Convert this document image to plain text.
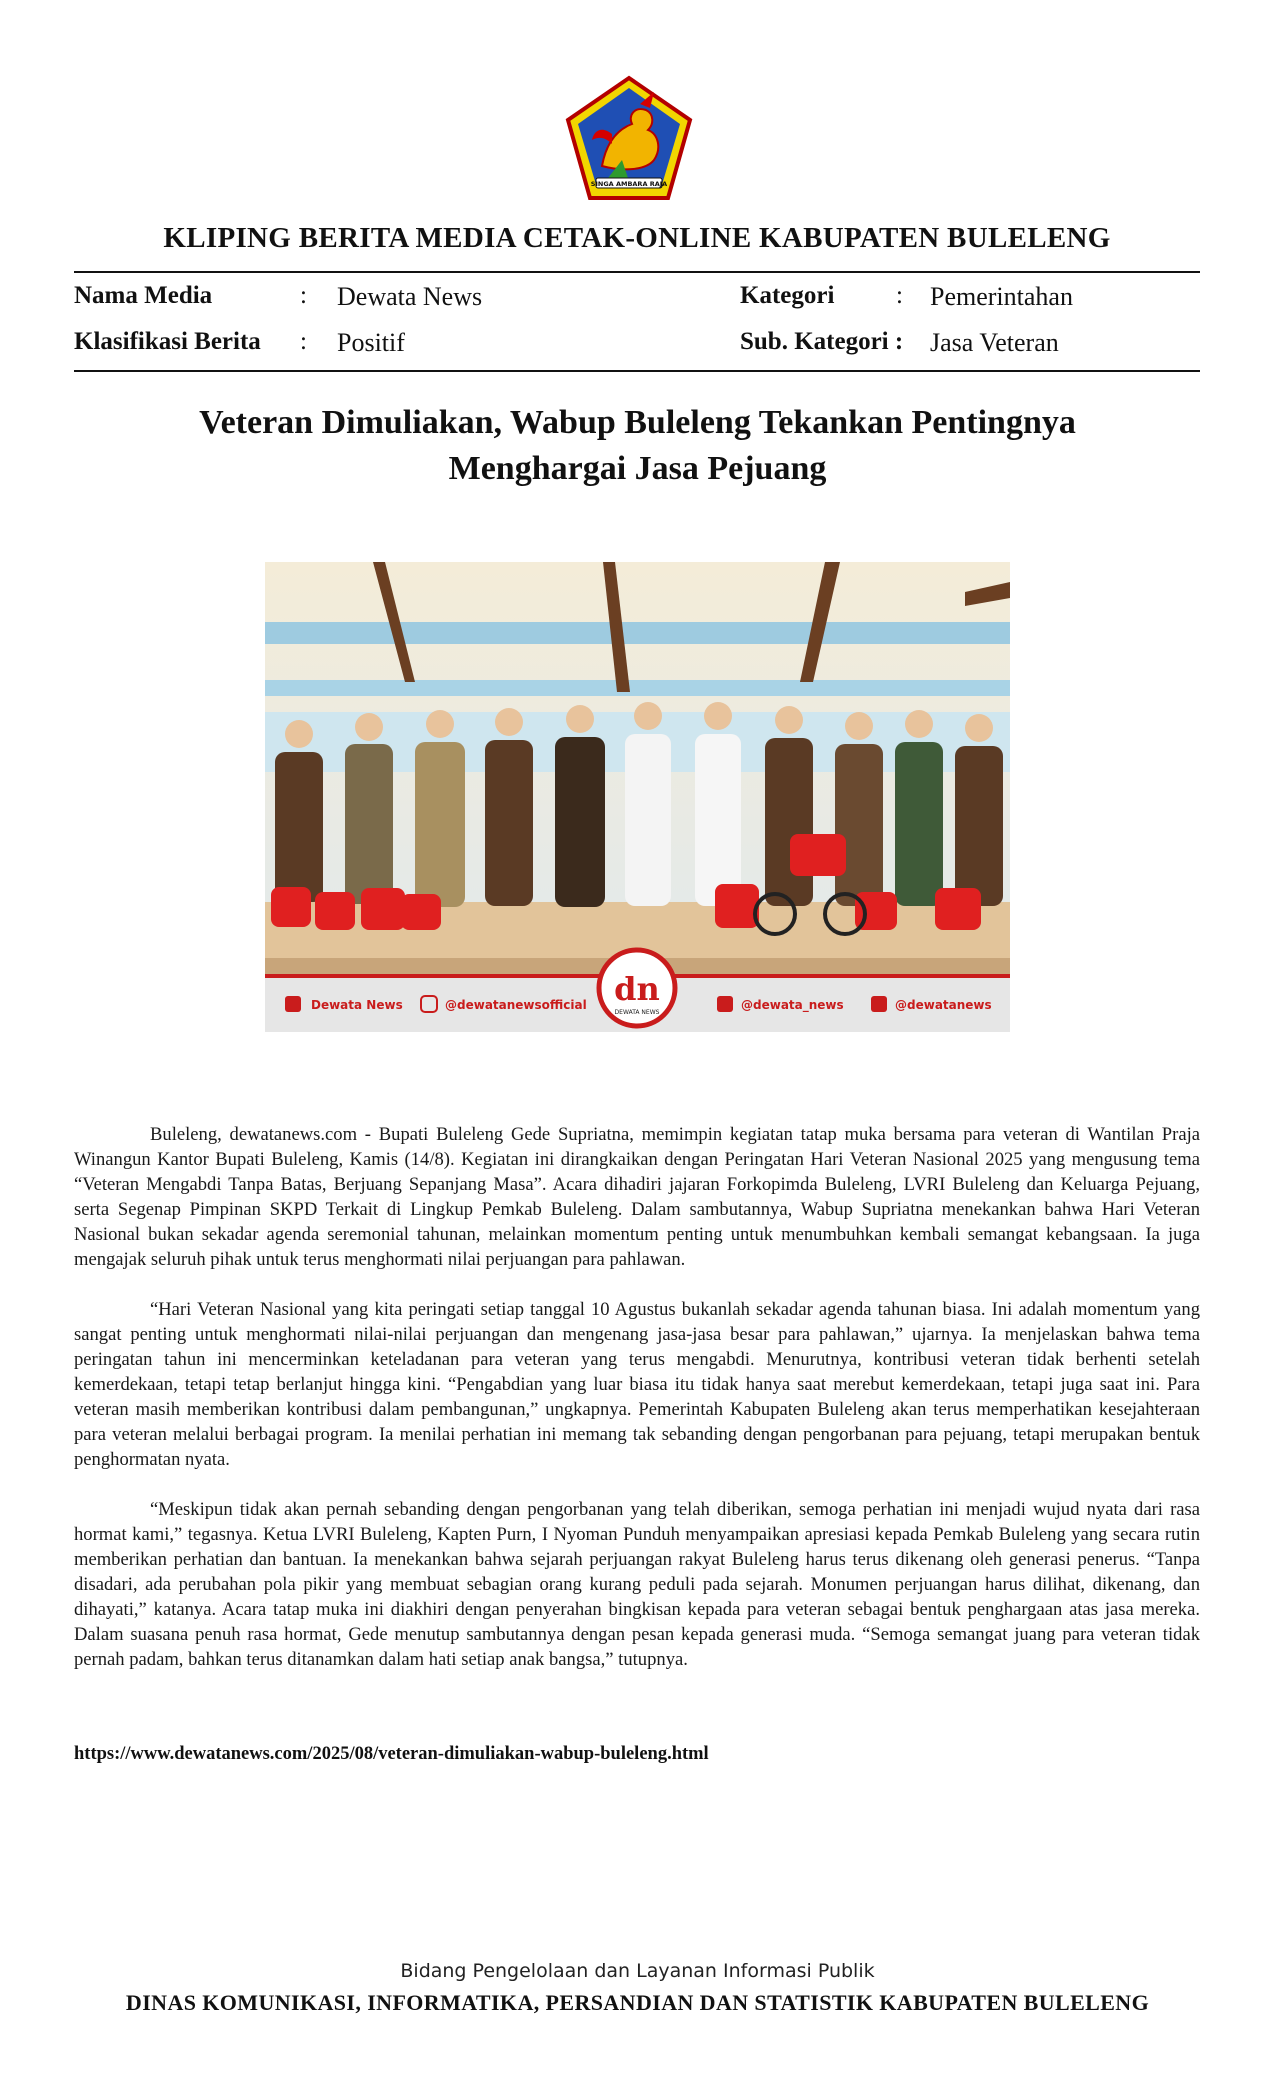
SINGA AMBARA RAJA
KLIPING BERITA MEDIA CETAK-ONLINE KABUPATEN BULELENG
Nama Media	: Dewata News	Kategori : Pemerintahan
Klasifikasi Berita : Positif	Sub. Kategori : Jasa Veteran
Veteran Dimuliakan, Wabup Buleleng Tekankan Pentingnya
Menghargai Jasa Pejuang
Dewata News	@dewatanewsofficial dn
DEWATA NEWS
@dewata_news	@dewatanews

Buleleng, dewatanews.com - Bupati Buleleng Gede Supriatna, memimpin kegiatan tatap muka bersama para veteran di Wantilan Praja Winangun Kantor Bupati Buleleng, Kamis (14/8). Kegiatan ini dirangkaikan dengan Peringatan Hari Veteran Nasional 2025 yang mengusung tema “Veteran Mengabdi Tanpa Batas, Berjuang Sepanjang Masa”. Acara dihadiri jajaran Forkopimda Buleleng, LVRI Buleleng dan Keluarga Pejuang, serta Segenap Pimpinan SKPD Terkait di Lingkup Pemkab Buleleng. Dalam sambutannya, Wabup Supriatna menekankan bahwa Hari Veteran Nasional bukan sekadar agenda seremonial tahunan, melainkan momentum penting untuk menumbuhkan kembali semangat kebangsaan. Ia juga mengajak seluruh pihak untuk terus menghormati nilai perjuangan para pahlawan.

“Hari Veteran Nasional yang kita peringati setiap tanggal 10 Agustus bukanlah sekadar agenda tahunan biasa. Ini adalah momentum yang sangat penting untuk menghormati nilai-nilai perjuangan dan mengenang jasa-jasa besar para pahlawan,” ujarnya. Ia menjelaskan bahwa tema peringatan tahun ini mencerminkan keteladanan para veteran yang terus mengabdi. Menurutnya, kontribusi veteran tidak berhenti setelah kemerdekaan, tetapi tetap berlanjut hingga kini. “Pengabdian yang luar biasa itu tidak hanya saat merebut kemerdekaan, tetapi juga saat ini. Para veteran masih memberikan kontribusi dalam pembangunan,” ungkapnya. Pemerintah Kabupaten Buleleng akan terus memperhatikan kesejahteraan para veteran melalui berbagai program. Ia menilai perhatian ini memang tak sebanding dengan pengorbanan para pejuang, tetapi merupakan bentuk penghormatan nyata.

“Meskipun tidak akan pernah sebanding dengan pengorbanan yang telah diberikan, semoga perhatian ini menjadi wujud nyata dari rasa hormat kami,” tegasnya. Ketua LVRI Buleleng, Kapten Purn, I Nyoman Punduh menyampaikan apresiasi kepada Pemkab Buleleng yang secara rutin memberikan perhatian dan bantuan. Ia menekankan bahwa sejarah perjuangan rakyat Buleleng harus terus dikenang oleh generasi penerus. “Tanpa disadari, ada perubahan pola pikir yang membuat sebagian orang kurang peduli pada sejarah. Monumen perjuangan harus dilihat, dikenang, dan dihayati,” katanya. Acara tatap muka ini diakhiri dengan penyerahan bingkisan kepada para veteran sebagai bentuk penghargaan atas jasa mereka. Dalam suasana penuh rasa hormat, Gede menutup sambutannya dengan pesan kepada generasi muda. “Semoga semangat juang para veteran tidak pernah padam, bahkan terus ditanamkan dalam hati setiap anak bangsa,” tutupnya.

https://www.dewatanews.com/2025/08/veteran-dimuliakan-wabup-buleleng.html
Bidang Pengelolaan dan Layanan Informasi Publik
DINAS KOMUNIKASI, INFORMATIKA, PERSANDIAN DAN STATISTIK KABUPATEN BULELENG
